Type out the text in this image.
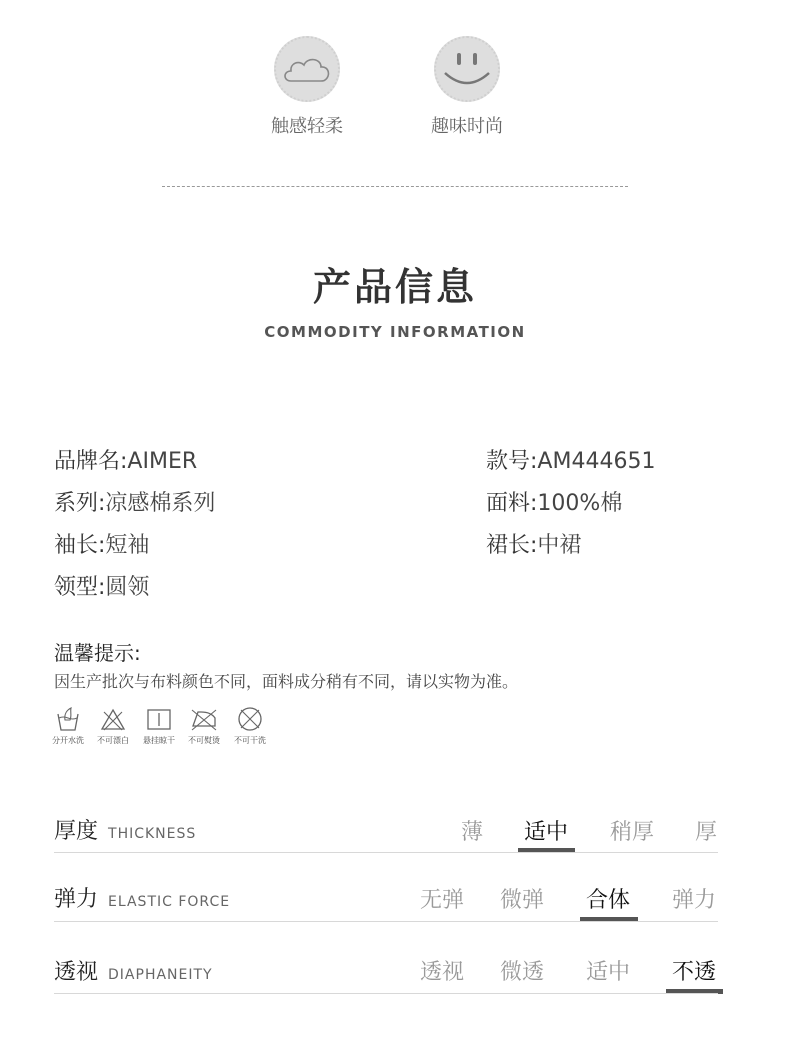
触感轻柔	趣味时尚
产品信息
COMMODITY INFORMATION
品牌名:AIMER	款号:AM444651
系列:凉感棉系列	面料:100%棉
袖长:短袖	裙长:中裙
领型:圆领
温馨提示:
因生产批次与布料颜色不同，面料成分稍有不同，请以实物为准。
分开水洗	不可漂白	悬挂晾干	不可熨烫	不可干洗
厚度 THICKNESS	薄	适中 稍厚	厚
弹力 ELASTIC FORCE	无弹 微弹 合体 弹力
透视 DIAPHANEITY	透视 微透 适中 不透
